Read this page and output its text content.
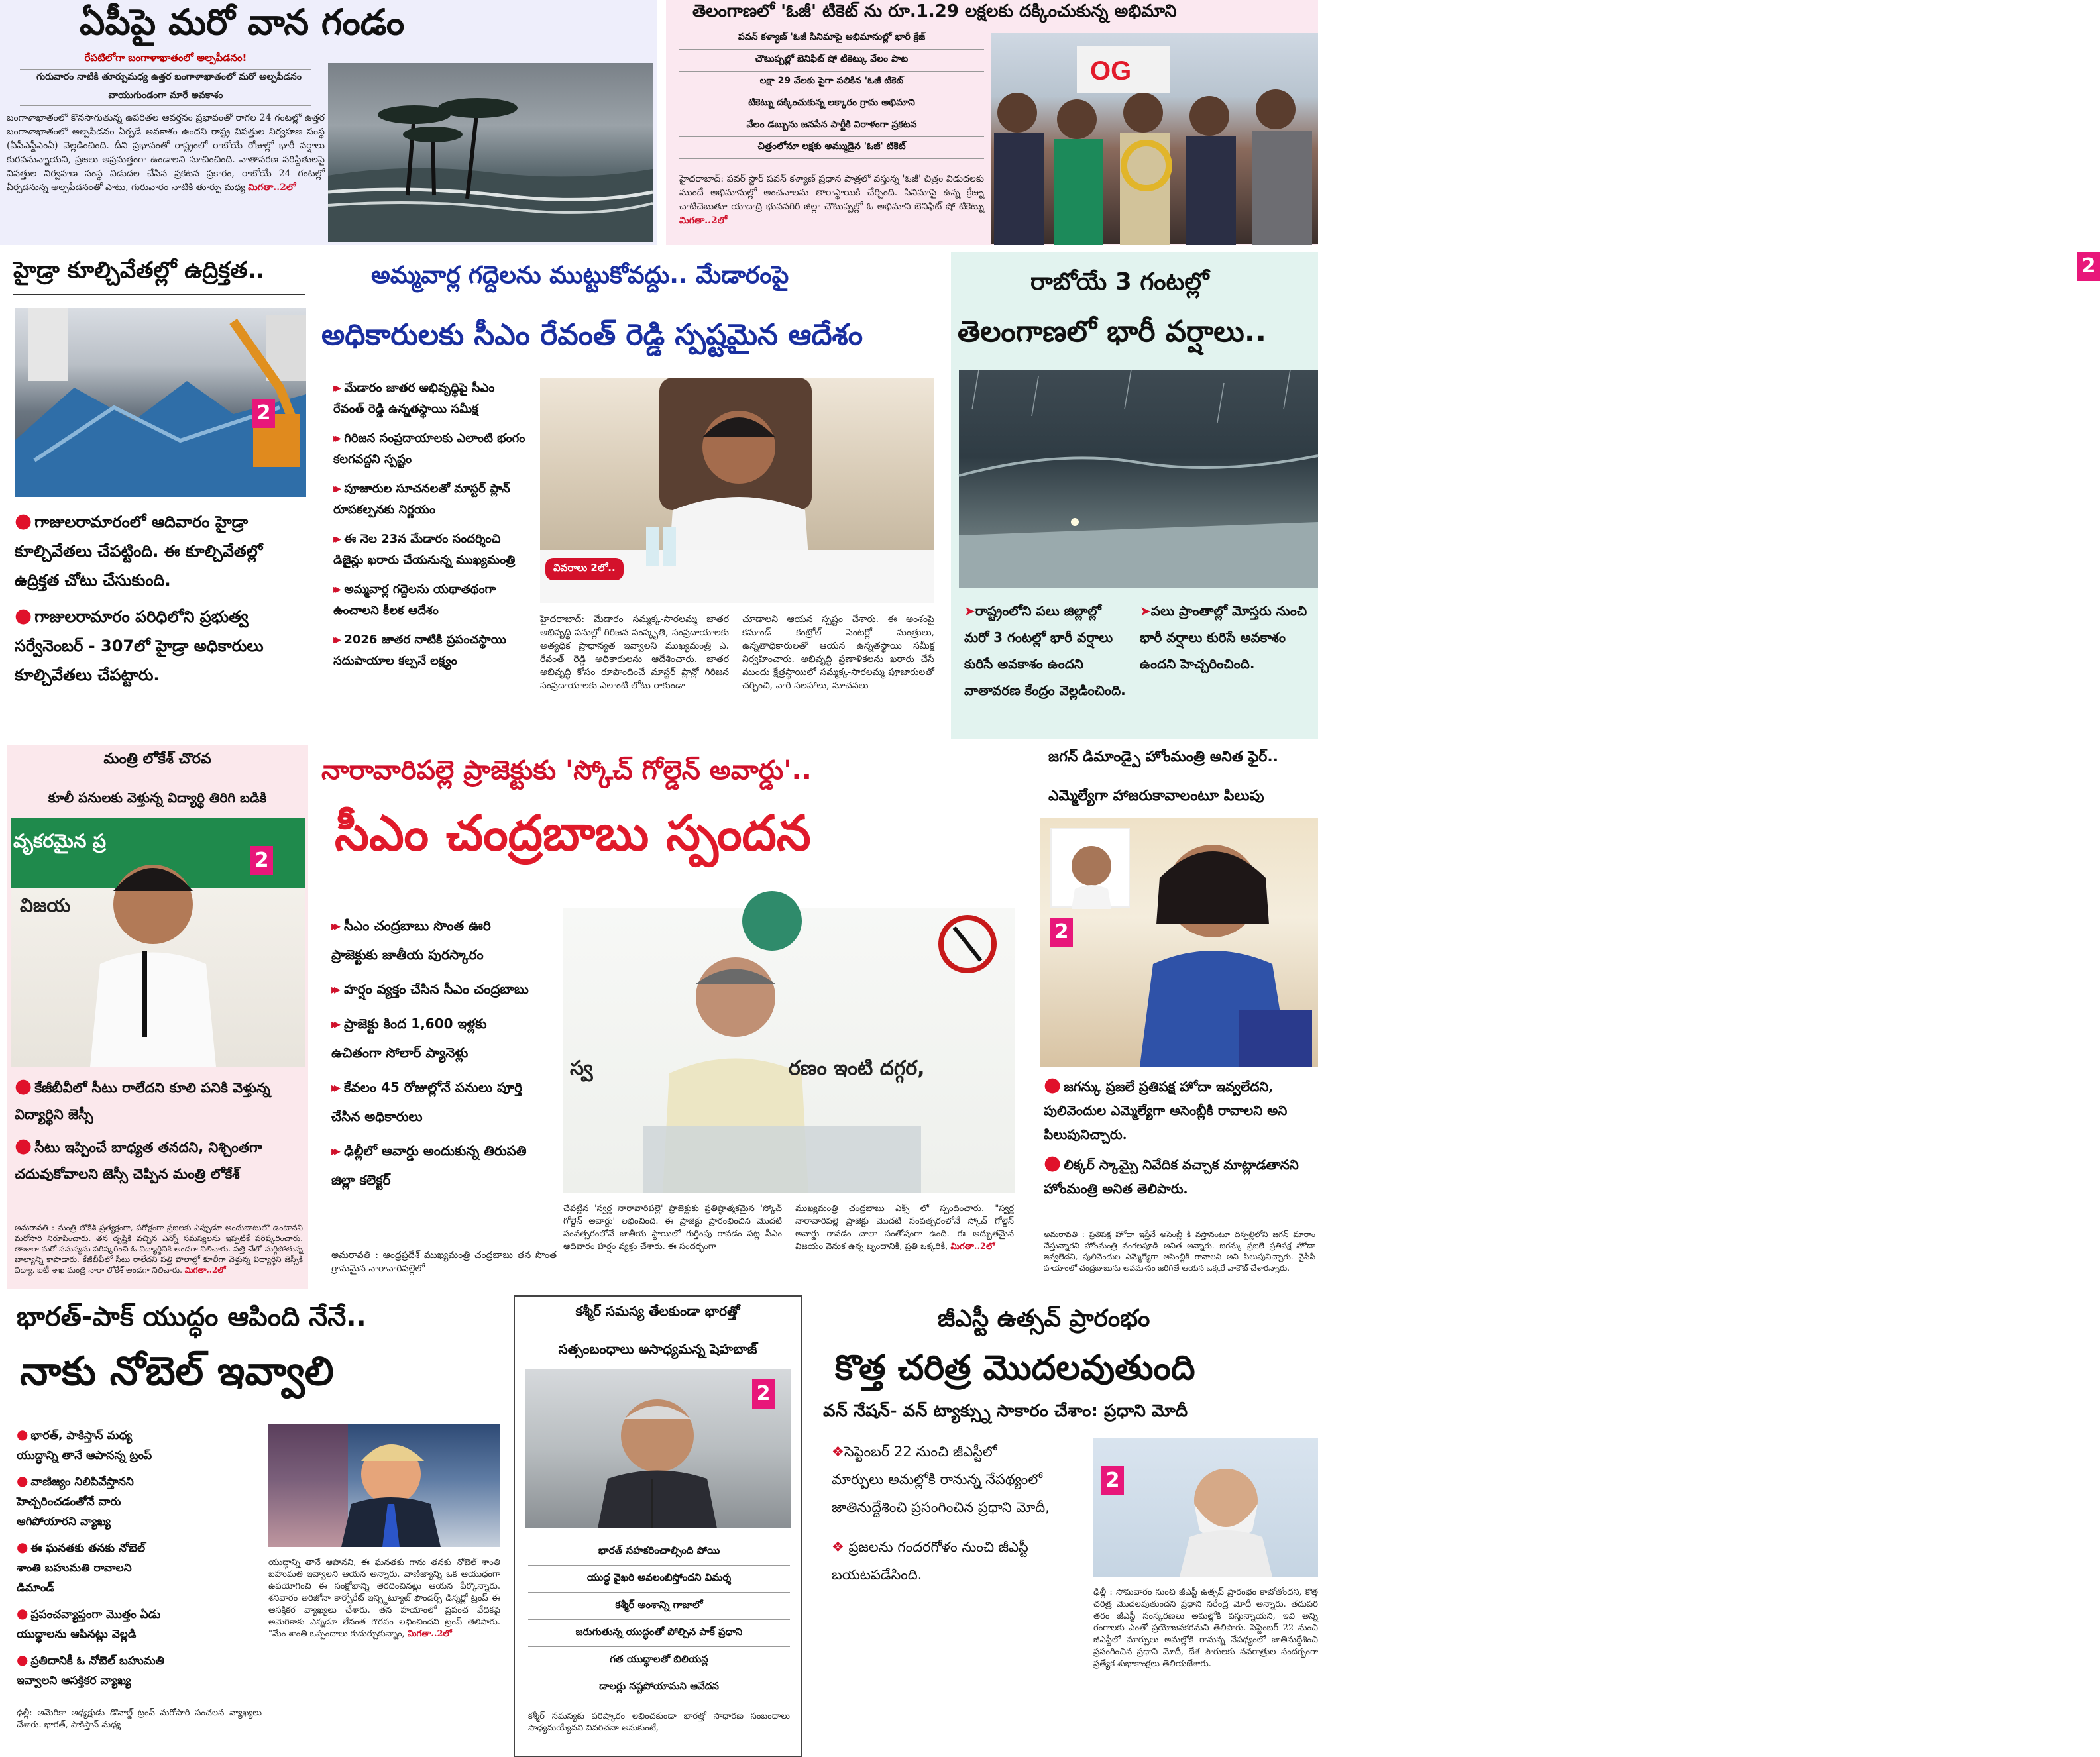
ఏపీపై మరో వాన గండం
రేపటిలోగా బంగాళాఖాతంలో అల్పపీడనం!
గురువారం నాటికి తూర్పుమధ్య ఉత్తర బంగాళాఖాతంలో మరో అల్పపీడనం
వాయుగుండంగా మారే అవకాశం
బంగాళాఖాతంలో కొనసాగుతున్న ఉపరితల ఆవర్తనం ప్రభావంతో రాగల 24 గంటల్లో ఉత్తర బంగాళాఖాతంలో అల్పపీడనం ఏర్పడే అవకాశం ఉందని రాష్ట్ర విపత్తుల నిర్వహణ సంస్థ (ఏపీఎస్డీఎంఏ) వెల్లడించింది. దీని ప్రభావంతో రాష్ట్రంలో రాబోయే రోజుల్లో భారీ వర్షాలు కురవనున్నాయని, ప్రజలు అప్రమత్తంగా ఉండాలని సూచించింది. వాతావరణ పరిస్థితులపై విపత్తుల నిర్వహణ సంస్థ విడుదల చేసిన ప్రకటన ప్రకారం, రాబోయే 24 గంటల్లో ఏర్పడనున్న అల్పపీడనంతో పాటు, గురువారం నాటికి తూర్పు మధ్య మిగతా..2లో
తెలంగాణలో 'ఓజీ' టికెట్ ను రూ.1.29 లక్షలకు దక్కించుకున్న అభిమాని
పవన్ కళ్యాణ్ 'ఓజీ సినిమాపై అభిమానుల్లో భారీ క్రేజ్
చౌటుప్పల్లో బెనిఫిట్ షో టికెట్కు వేలం పాట
లక్షా 29 వేలకు పైగా పలికిన 'ఓజీ టికెట్
టికెట్ను దక్కించుకున్న లక్కారం గ్రామ అభిమాని
వేలం డబ్బును జనసేన పార్టీకి విరాళంగా ప్రకటన
చిత్రంలోనూ లక్షకు అమ్ముడైన 'ఓజీ' టికెట్
హైదరాబాద్: పవర్ స్టార్ పవన్ కళ్యాణ్ ప్రధాన పాత్రలో వస్తున్న 'ఓజీ' చిత్రం విడుదలకు ముందే అభిమానుల్లో అంచనాలను తారాస్థాయికి చేర్చింది. సినిమాపై ఉన్న క్రేజ్ను చాటిచెబుతూ యాదాద్రి భువనగిరి జిల్లా చౌటుప్పల్లో ఓ అభిమాని బెనిఫిట్ షో టికెట్ను మిగతా..2లో
OG
హైడ్రా కూల్చివేతల్లో ఉద్రిక్తత..
2
● గాజులరామారంలో ఆదివారం హైడ్రా కూల్చివేతలు చేపట్టింది. ఈ కూల్చివేతల్లో ఉద్రిక్తత చోటు చేసుకుంది.
● గాజులరామారం పరిధిలోని ప్రభుత్వ సర్వేనెంబర్ - 307లో హైడ్రా అధికారులు కూల్చివేతలు చేపట్టారు.
అమ్మవార్ల గద్దెలను ముట్టుకోవద్దు.. మేడారంపై
అధికారులకు సీఎం రేవంత్ రెడ్డి స్పష్టమైన ఆదేశం
▸▸ మేడారం జాతర అభివృద్ధిపై సీఎం రేవంత్ రెడ్డి ఉన్నతస్థాయి సమీక్ష
▸▸ గిరిజన సంప్రదాయాలకు ఎలాంటి భంగం కలగవద్దని స్పష్టం
▸▸ పూజారుల సూచనలతో మాస్టర్ ప్లాన్ రూపకల్పనకు నిర్ణయం
▸▸ ఈ నెల 23న మేడారం సందర్శించి డిజైన్లు ఖరారు చేయనున్న ముఖ్యమంత్రి
▸▸ అమ్మవార్ల గద్దెలను యథాతథంగా ఉంచాలని కీలక ఆదేశం
▸▸ 2026 జాతర నాటికి ప్రపంచస్థాయి సదుపాయాల కల్పనే లక్ష్యం
వివరాలు 2లో..
హైదరాబాద్: మేడారం సమ్మక్క-సారలమ్మ జాతర అభివృద్ధి పనుల్లో గిరిజన సంస్కృతి, సంప్రదాయాలకు అత్యధిక ప్రాధాన్యత ఇవ్వాలని ముఖ్యమంత్రి ఎ. రేవంత్ రెడ్డి అధికారులను ఆదేశించారు. జాతర అభివృద్ధి కోసం రూపొందించే మాస్టర్ ప్లాన్లో గిరిజన సంప్రదాయాలకు ఎలాంటి లోటు రాకుండా
చూడాలని ఆయన స్పష్టం చేశారు. ఈ అంశంపై కమాండ్ కంట్రోల్ సెంటర్లో మంత్రులు, ఉన్నతాధికారులతో ఆయన ఉన్నతస్థాయి సమీక్ష నిర్వహించారు. అభివృద్ధి ప్రణాళికలను ఖరారు చేసే ముందు క్షేత్రస్థాయిలో సమ్మక్క-సారలమ్మ పూజారులతో చర్చించి, వారి సలహాలు, సూచనలు
రాబోయే 3 గంటల్లో
తెలంగాణలో భారీ వర్షాలు..
2
➤రాష్ట్రంలోని పలు జిల్లాల్లో మరో 3 గంటల్లో భారీ వర్షాలు కురిసే అవకాశం ఉందని వాతావరణ కేంద్రం వెల్లడించింది.
➤పలు ప్రాంతాల్లో మోస్తరు నుంచి భారీ వర్షాలు కురిసే అవకాశం ఉందని హెచ్చరించింది.
మంత్రి లోకేశ్ చొరవ
కూలీ పనులకు వెళ్తున్న విద్యార్థి తిరిగి బడికి
వృకరమైన ప్ర
విజయ
2
● కేజీబీవీలో సీటు రాలేదని కూలి పనికి వెళ్తున్న విద్యార్థిని జెస్సీ
● సీటు ఇప్పించే బాధ్యత తనదని, నిశ్చింతగా చదువుకోవాలని జెస్సీ చెప్పిన మంత్రి లోకేశ్
అమరావతి : మంత్రి లోకేశ్ ప్రత్యక్షంగా, పరోక్షంగా ప్రజలకు ఎప్పుడూ అందుబాటులో ఉంటానని మరోసారి నిరూపించారు. తన దృష్టికి వచ్చిన ఎన్నో సమస్యలను ఇప్పటికే పరిష్కరించారు. తాజాగా మరో సమస్యను పరిష్కరించి ఓ విద్యార్థినికి అండగా నిలిచారు. పత్తి చేలో మగ్గిపోతున్న బాల్యాన్ని కాపాడారు. కేజీబీవీలో సీటు రాలేదని పత్తి పొలాల్లో కూలీగా వెళ్తున్న విద్యార్థిని జెస్సీకి విద్యా, ఐటీ శాఖ మంత్రి నారా లోకేశ్ అండగా నిలిచారు. మిగతా..2లో
నారావారిపల్లె ప్రాజెక్టుకు 'స్కోచ్ గోల్డెన్ అవార్డు'..
సీఎం చంద్రబాబు స్పందన
▸▸ సీఎం చంద్రబాబు సొంత ఊరి ప్రాజెక్టుకు జాతీయ పురస్కారం
▸▸ హర్షం వ్యక్తం చేసిన సీఎం చంద్రబాబు
▸▸ ప్రాజెక్టు కింద 1,600 ఇళ్లకు ఉచితంగా సోలార్ ప్యానెళ్లు
▸▸ కేవలం 45 రోజుల్లోనే పనులు పూర్తి చేసిన అధికారులు
▸▸ ఢిల్లీలో అవార్డు అందుకున్న తిరుపతి జిల్లా కలెక్టర్
రణం ఇంటి దగ్గర,
స్వ
అమరావతి : ఆంధ్రప్రదేశ్ ముఖ్యమంత్రి చంద్రబాబు తన సొంత గ్రామమైన నారావారిపల్లెలో
చేపట్టిన 'స్వర్ణ నారావారిపల్లె' ప్రాజెక్టుకు ప్రతిష్ఠాత్మకమైన 'స్కోచ్ గోల్డెన్ అవార్డు' లభించింది. ఈ ప్రాజెక్టు ప్రారంభించిన మొదటి సంవత్సరంలోనే జాతీయ స్థాయిలో గుర్తింపు రావడం పట్ల సీఎం ఆదివారం హర్షం వ్యక్తం చేశారు. ఈ సందర్భంగా
ముఖ్యమంత్రి చంద్రబాబు ఎక్స్ లో స్పందించారు. "స్వర్ణ నారావారిపల్లె ప్రాజెక్టు మొదటి సంవత్సరంలోనే స్కోచ్ గోల్డెన్ అవార్డు రావడం చాలా సంతోషంగా ఉంది. ఈ అద్భుతమైన విజయం వెనుక ఉన్న బృందానికి, ప్రతి ఒక్కరికీ, మిగతా..2లో
జగన్ డిమాండ్పై హోంమంత్రి అనిత ఫైర్..
ఎమ్మెల్యేగా హాజరుకావాలంటూ పిలుపు
2
● జగన్కు ప్రజలే ప్రతిపక్ష హోదా ఇవ్వలేదని, పులివెందుల ఎమ్మెల్యేగా అసెంబ్లీకి రావాలని అని పిలుపునిచ్చారు.
● లిక్కర్ స్కామ్పై నివేదిక వచ్చాక మాట్లాడతానని హోంమంత్రి అనిత తెలిపారు.
అమరావతి : ప్రతిపక్ష హోదా ఇస్తేనే అసెంబ్లీ కి వస్తానంటూ దిస్పల్లిలోని జగన్ మారాం చేస్తున్నారని హోంమంత్రి వంగలపూడి అనిత అన్నారు. జగన్కు ప్రజలే ప్రతిపక్ష హోదా ఇవ్వలేదని, పులివెందుల ఎమ్మెల్యేగా అసెంబ్లీకి రావాలని అని పిలుపునిచ్చారు. వైసీపీ హయాంలో చంద్రబాబును అవమానం జరిగితే ఆయన ఒక్కరే వాకౌట్ చేశారన్నారు.
భారత్-పాక్ యుద్ధం ఆపింది నేనే..
నాకు నోబెల్ ఇవ్వాలి
● భారత్, పాకిస్తాన్ మధ్య యుద్ధాన్ని తానే ఆపానన్న ట్రంప్
● వాణిజ్యం నిలిపివేస్తానని హెచ్చరించడంతోనే వారు ఆగిపోయారని వ్యాఖ్య
● ఈ ఘనతకు తనకు నోబెల్ శాంతి బహుమతి రావాలని డిమాండ్
● ప్రపంచవ్యాప్తంగా మొత్తం ఏడు యుద్ధాలను ఆపినట్లు వెల్లడి
● ప్రతిదానికీ ఓ నోబెల్ బహుమతి ఇవ్వాలని ఆసక్తికర వ్యాఖ్య
యుద్ధాన్ని తానే ఆపానని, ఈ ఘనతకు గాను తనకు నోబెల్ శాంతి బహుమతి ఇవ్వాలని ఆయన అన్నారు. వాణిజ్యాన్ని ఒక ఆయుధంగా ఉపయోగించి ఈ సంక్షోభాన్ని తెరదించినట్లు ఆయన పేర్కొన్నారు. శనివారం అరిజోనా కార్పోరేట్ ఇన్స్టిట్యూట్ ఫౌండర్స్ డిన్నర్లో ట్రంప్ ఈ ఆసక్తికర వ్యాఖ్యలు చేశారు. తన హయాంలో ప్రపంచ వేదికపై అమెరికాకు ఎన్నడూ లేనంత గౌరవం లభించిందని ట్రంప్ తెలిపారు. "మేం శాంతి ఒప్పందాలు కుదుర్చుకున్నాం, మిగతా..2లో
ఢిల్లీ: అమెరికా అధ్యక్షుడు డొనాల్డ్ ట్రంప్ మరోసారి సంచలన వ్యాఖ్యలు చేశారు. భారత్, పాకిస్తాన్ మధ్య
కశ్మీర్ సమస్య తేలకుండా భారత్తో
సత్సంబంధాలు అసాధ్యమన్న షెహబాజ్
2
భారత్ సహకరించాల్సింది పోయి
యుద్ధ వైఖరి అవలంబిస్తోందని విమర్శ
కశ్మీర్ అంశాన్ని గాజాలో
జరుగుతున్న యుద్ధంతో పోల్చిన పాక్ ప్రధాని
గత యుద్ధాలతో బిలియన్ల
డాలర్లు నష్టపోయామని ఆవేదన
కశ్మీర్ సమస్యకు పరిష్కారం లభించకుండా భారత్తో సాధారణ సంబంధాలు సాధ్యమయ్యేవని వివరిచనా అనుకుంటే,
జీఎస్టీ ఉత్సవ్ ప్రారంభం
కొత్త చరిత్ర మొదలవుతుంది
వన్ నేషన్- వన్ ట్యాక్స్ను సాకారం చేశాం: ప్రధాని మోదీ
❖సెప్టెంబర్ 22 నుంచి జీఎస్టీలో మార్పులు అమల్లోకి రానున్న నేపథ్యంలో జాతినుద్దేశించి ప్రసంగించిన ప్రధాని మోదీ,
❖ ప్రజలను గందరగోళం నుంచి జీఎస్టీ బయటపడేసింది.
2
ఢిల్లీ : సోమవారం నుంచి జీఎస్టీ ఉత్సవ్ ప్రారంభం కాబోతోందని, కొత్త చరిత్ర మొదలవుతుందని ప్రధాని నరేంద్ర మోదీ అన్నారు. తదుపరి తరం జీఎస్టీ సంస్కరణలు అమల్లోకి వస్తున్నాయని, ఇవి అన్ని రంగాలకు ఎంతో ప్రయోజనకరమని తెలిపారు. సెప్టెంబర్ 22 నుంచి జీఎస్టీలో మార్పులు అమల్లోకి రానున్న నేపథ్యంలో జాతినుద్దేశించి ప్రసంగించిన ప్రధాని మోదీ, దేశ పౌరులకు నవరాత్రుల సందర్భంగా ప్రత్యేక శుభాకాంక్షలు తెలియజేశారు.
